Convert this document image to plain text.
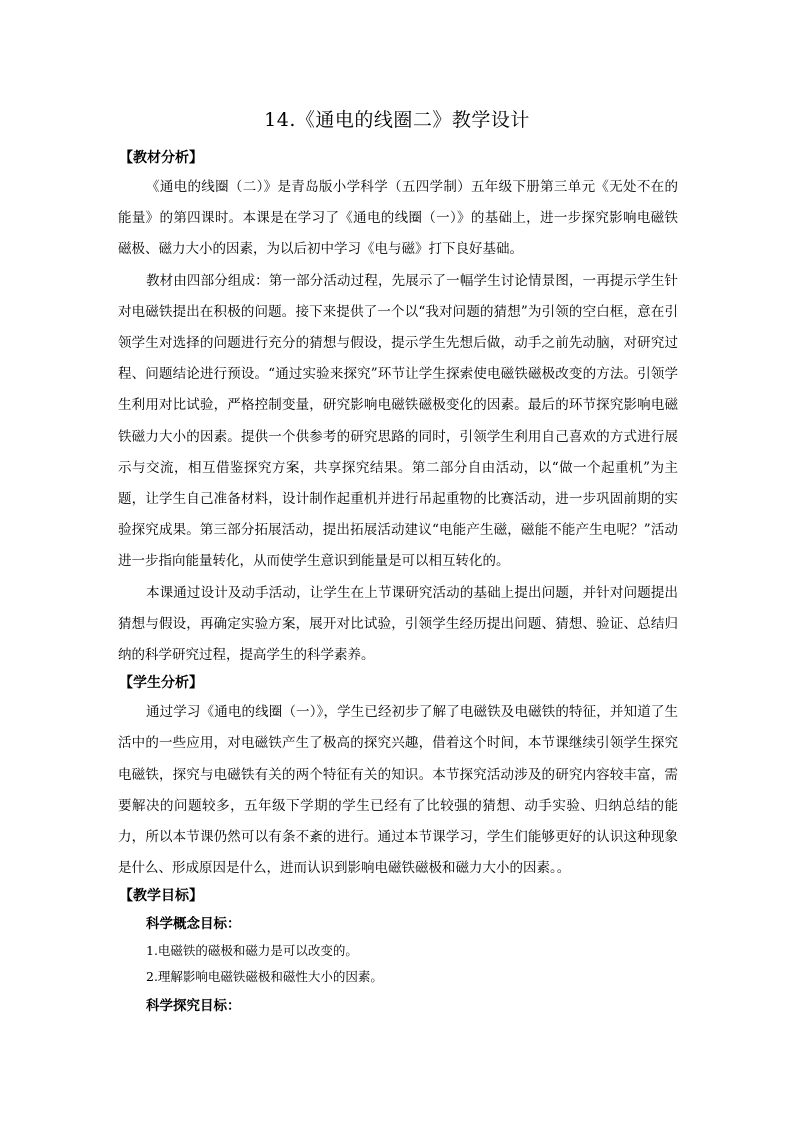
14.《通电的线圈二》教学设计
【教材分析】

《通电的线圈（二）》是青岛版小学科学（五四学制）五年级下册第三单元《无处不在的能量》的第四课时。本课是在学习了《通电的线圈（一）》的基础上，进一步探究影响电磁铁磁极、磁力大小的因素，为以后初中学习《电与磁》打下良好基础。

教材由四部分组成：第一部分活动过程，先展示了一幅学生讨论情景图，一再提示学生针对电磁铁提出在积极的问题。接下来提供了一个以“我对问题的猜想”为引领的空白框，意在引领学生对选择的问题进行充分的猜想与假设，提示学生先想后做，动手之前先动脑，对研究过程、问题结论进行预设。“通过实验来探究”环节让学生探索使电磁铁磁极改变的方法。引领学生利用对比试验，严格控制变量，研究影响电磁铁磁极变化的因素。最后的环节探究影响电磁铁磁力大小的因素。提供一个供参考的研究思路的同时，引领学生利用自己喜欢的方式进行展示与交流，相互借鉴探究方案，共享探究结果。第二部分自由活动，以“做一个起重机”为主题，让学生自己准备材料，设计制作起重机并进行吊起重物的比赛活动，进一步巩固前期的实验探究成果。第三部分拓展活动，提出拓展活动建议“电能产生磁，磁能不能产生电呢？”活动进一步指向能量转化，从而使学生意识到能量是可以相互转化的。

本课通过设计及动手活动，让学生在上节课研究活动的基础上提出问题，并针对问题提出猜想与假设，再确定实验方案，展开对比试验，引领学生经历提出问题、猜想、验证、总结归纳的科学研究过程，提高学生的科学素养。

【学生分析】

通过学习《通电的线圈（一）》，学生已经初步了解了电磁铁及电磁铁的特征，并知道了生活中的一些应用，对电磁铁产生了极高的探究兴趣，借着这个时间，本节课继续引领学生探究电磁铁，探究与电磁铁有关的两个特征有关的知识。本节探究活动涉及的研究内容较丰富，需要解决的问题较多，五年级下学期的学生已经有了比较强的猜想、动手实验、归纳总结的能力，所以本节课仍然可以有条不紊的进行。通过本节课学习，学生们能够更好的认识这种现象是什么、形成原因是什么，进而认识到影响电磁铁磁极和磁力大小的因素。。

【教学目标】
科学概念目标：
1.电磁铁的磁极和磁力是可以改变的。
2.理解影响电磁铁磁极和磁性大小的因素。
科学探究目标：
